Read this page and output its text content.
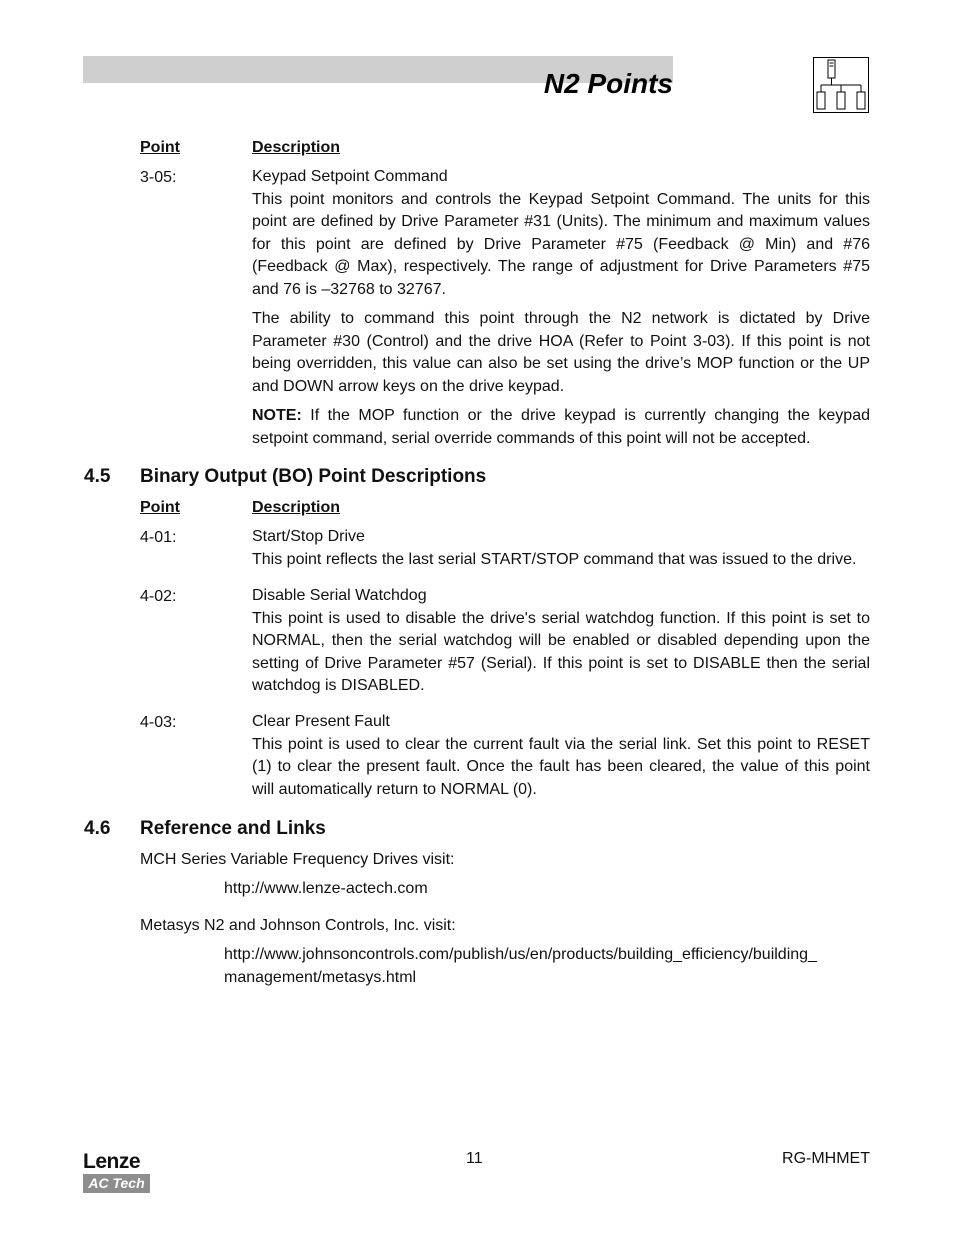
N2 Points
Point	Description
3-05:	Keypad Setpoint Command

This point monitors and controls the Keypad Setpoint Command. The units for this point are defined by Drive Parameter #31 (Units). The minimum and maximum values for this point are defined by Drive Parameter #75 (Feedback @ Min) and #76 (Feedback @ Max), respectively. The range of adjustment for Drive Parameters #75 and 76 is –32768 to 32767.

The ability to command this point through the N2 network is dictated by Drive Parameter #30 (Control) and the drive HOA (Refer to Point 3-03). If this point is not being overridden, this value can also be set using the drive’s MOP function or the UP and DOWN arrow keys on the drive keypad.

NOTE: If the MOP function or the drive keypad is currently changing the keypad setpoint command, serial override commands of this point will not be accepted.

4.5 Binary Output (BO) Point Descriptions
Point	Description
4-01:	Start/Stop Drive

This point reflects the last serial START/STOP command that was issued to the drive.

4-02:	Disable Serial Watchdog

This point is used to disable the drive's serial watchdog function. If this point is set to NORMAL, then the serial watchdog will be enabled or disabled depending upon the setting of Drive Parameter #57 (Serial). If this point is set to DISABLE then the serial watchdog is DISABLED.

4-03:	Clear Present Fault

This point is used to clear the current fault via the serial link. Set this point to RESET (1) to clear the present fault. Once the fault has been cleared, the value of this point will automatically return to NORMAL (0).

4.6 Reference and Links
MCH Series Variable Frequency Drives visit:
http://www.lenze-actech.com
Metasys N2 and Johnson Controls, Inc. visit:
http://www.johnsoncontrols.com/publish/us/en/products/building_efficiency/building_
management/metasys.html
Lenze
AC Tech
11	RG-MHMET
